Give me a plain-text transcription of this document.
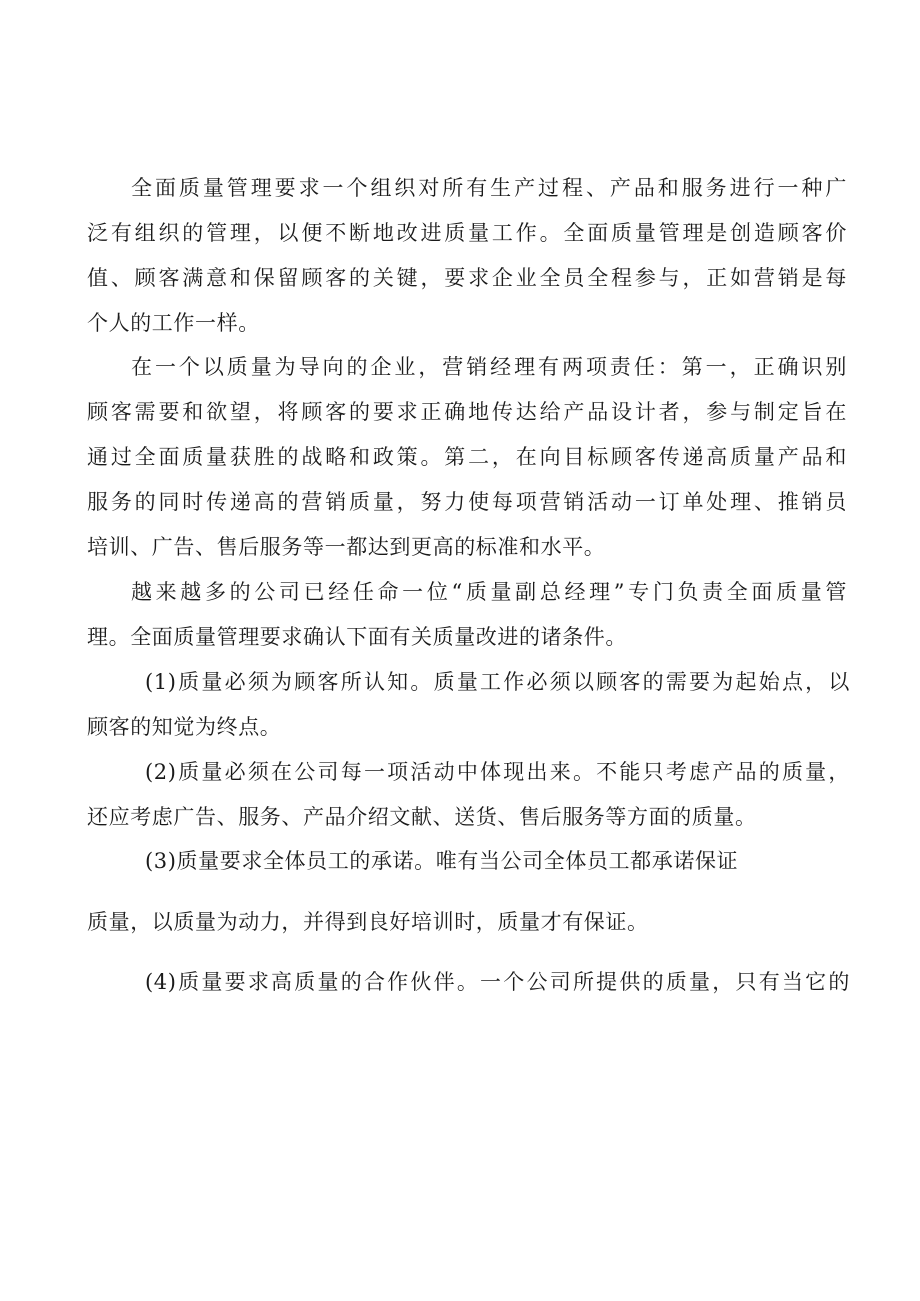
全面质量管理要求一个组织对所有生产过程、产品和服务进行一种广
泛有组织的管理，以便不断地改进质量工作。全面质量管理是创造顾客价
值、顾客满意和保留顾客的关键，要求企业全员全程参与，正如营销是每
个人的工作一样。
在一个以质量为导向的企业，营销经理有两项责任：第一，正确识别
顾客需要和欲望，将顾客的要求正确地传达给产品设计者，参与制定旨在
通过全面质量获胜的战略和政策。第二，在向目标顾客传递高质量产品和
服务的同时传递高的营销质量，努力使每项营销活动一订单处理、推销员
培训、广告、售后服务等一都达到更高的标准和水平。
越来越多的公司已经任命一位“质量副总经理”专门负责全面质量管
理。全面质量管理要求确认下面有关质量改进的诸条件。
(1)质量必须为顾客所认知。质量工作必须以顾客的需要为起始点，以
顾客的知觉为终点。
(2)质量必须在公司每一项活动中体现出来。不能只考虑产品的质量，
还应考虑广告、服务、产品介绍文献、送货、售后服务等方面的质量。
(3)质量要求全体员工的承诺。唯有当公司全体员工都承诺保证
质量，以质量为动力，并得到良好培训时，质量才有保证。
(4)质量要求高质量的合作伙伴。一个公司所提供的质量，只有当它的
